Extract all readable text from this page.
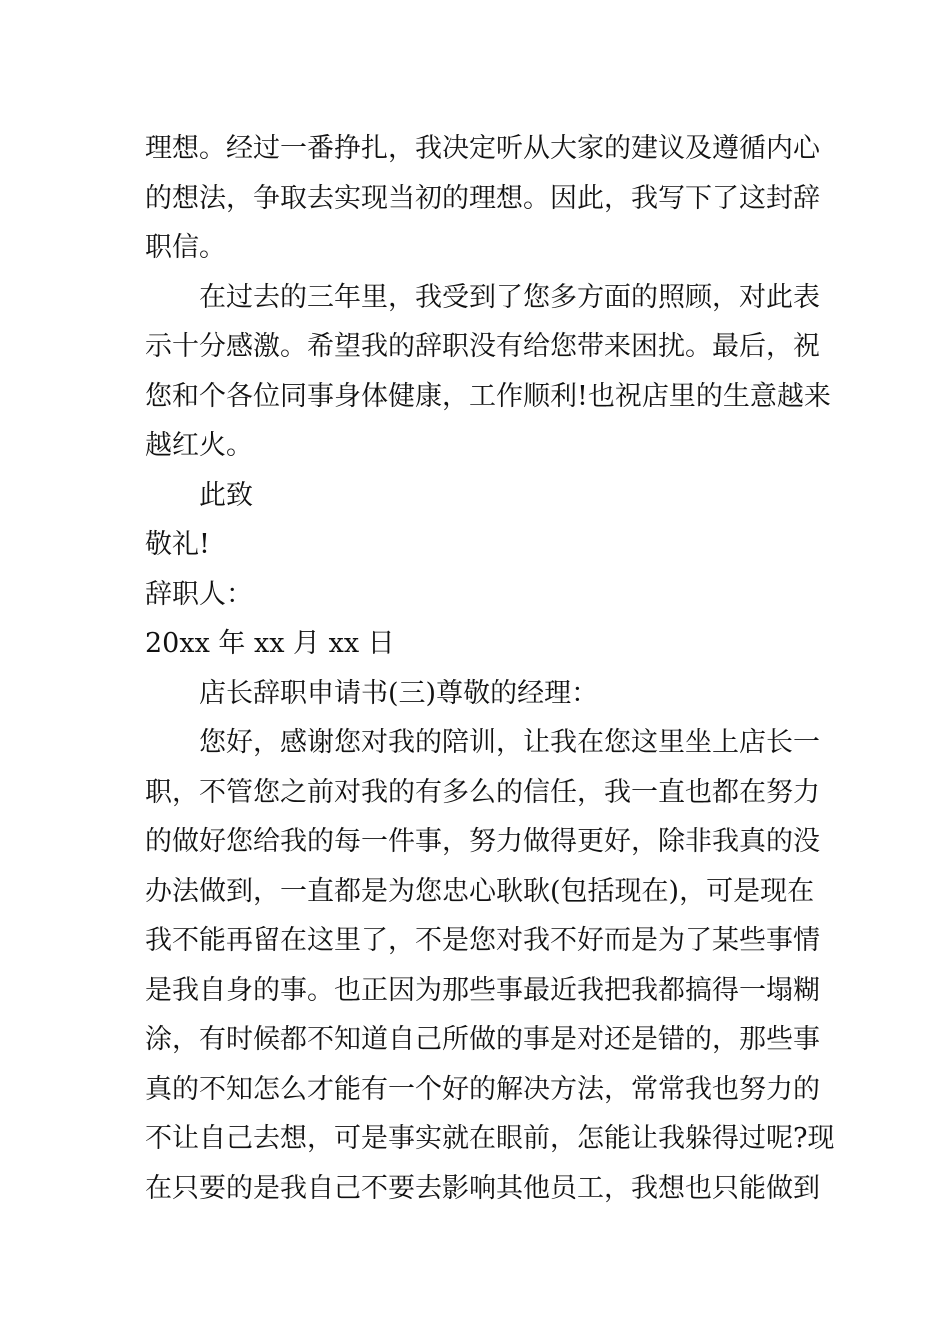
理想。经过一番挣扎，我决定听从大家的建议及遵循内心
的想法，争取去实现当初的理想。因此，我写下了这封辞
职信。
在过去的三年里，我受到了您多方面的照顾，对此表
示十分感激。希望我的辞职没有给您带来困扰。最后，祝
您和个各位同事身体健康，工作顺利!也祝店里的生意越来
越红火。
此致
敬礼!
辞职人：
20xx 年 xx 月 xx 日
店长辞职申请书(三)尊敬的经理：
您好，感谢您对我的陪训，让我在您这里坐上店长一
职，不管您之前对我的有多么的信任，我一直也都在努力
的做好您给我的每一件事，努力做得更好，除非我真的没
办法做到，一直都是为您忠心耿耿(包括现在)，可是现在
我不能再留在这里了，不是您对我不好而是为了某些事情
是我自身的事。也正因为那些事最近我把我都搞得一塌糊
涂，有时候都不知道自己所做的事是对还是错的，那些事
真的不知怎么才能有一个好的解决方法，常常我也努力的
不让自己去想，可是事实就在眼前，怎能让我躲得过呢?现
在只要的是我自己不要去影响其他员工，我想也只能做到
